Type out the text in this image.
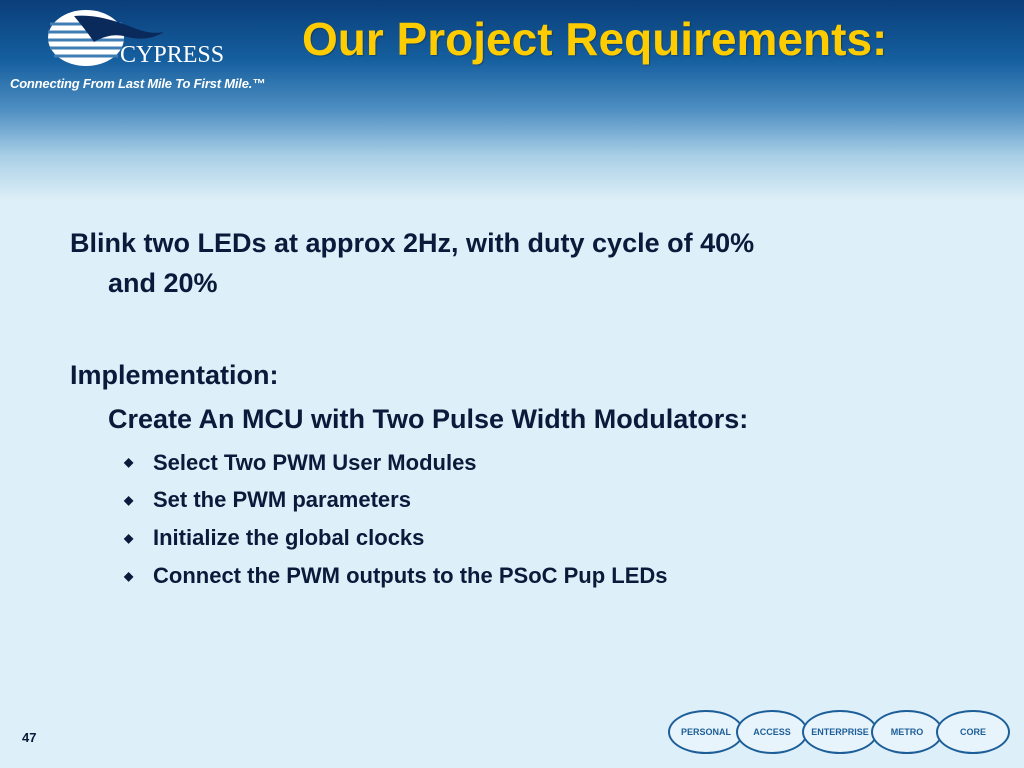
CYPRESS
Connecting From Last Mile To First Mile.™
Our Project Requirements:
Blink two LEDs at approx 2Hz, with duty cycle of 40%
and 20%
Implementation:
Create An MCU with Two Pulse Width Modulators:
◆ Select Two PWM User Modules
◆ Set the PWM parameters
◆ Initialize the global clocks
◆ Connect the PWM outputs to the PSoC Pup LEDs
47	PERSONAL	ACCESS	ENTERPRISE	METRO	CORE
